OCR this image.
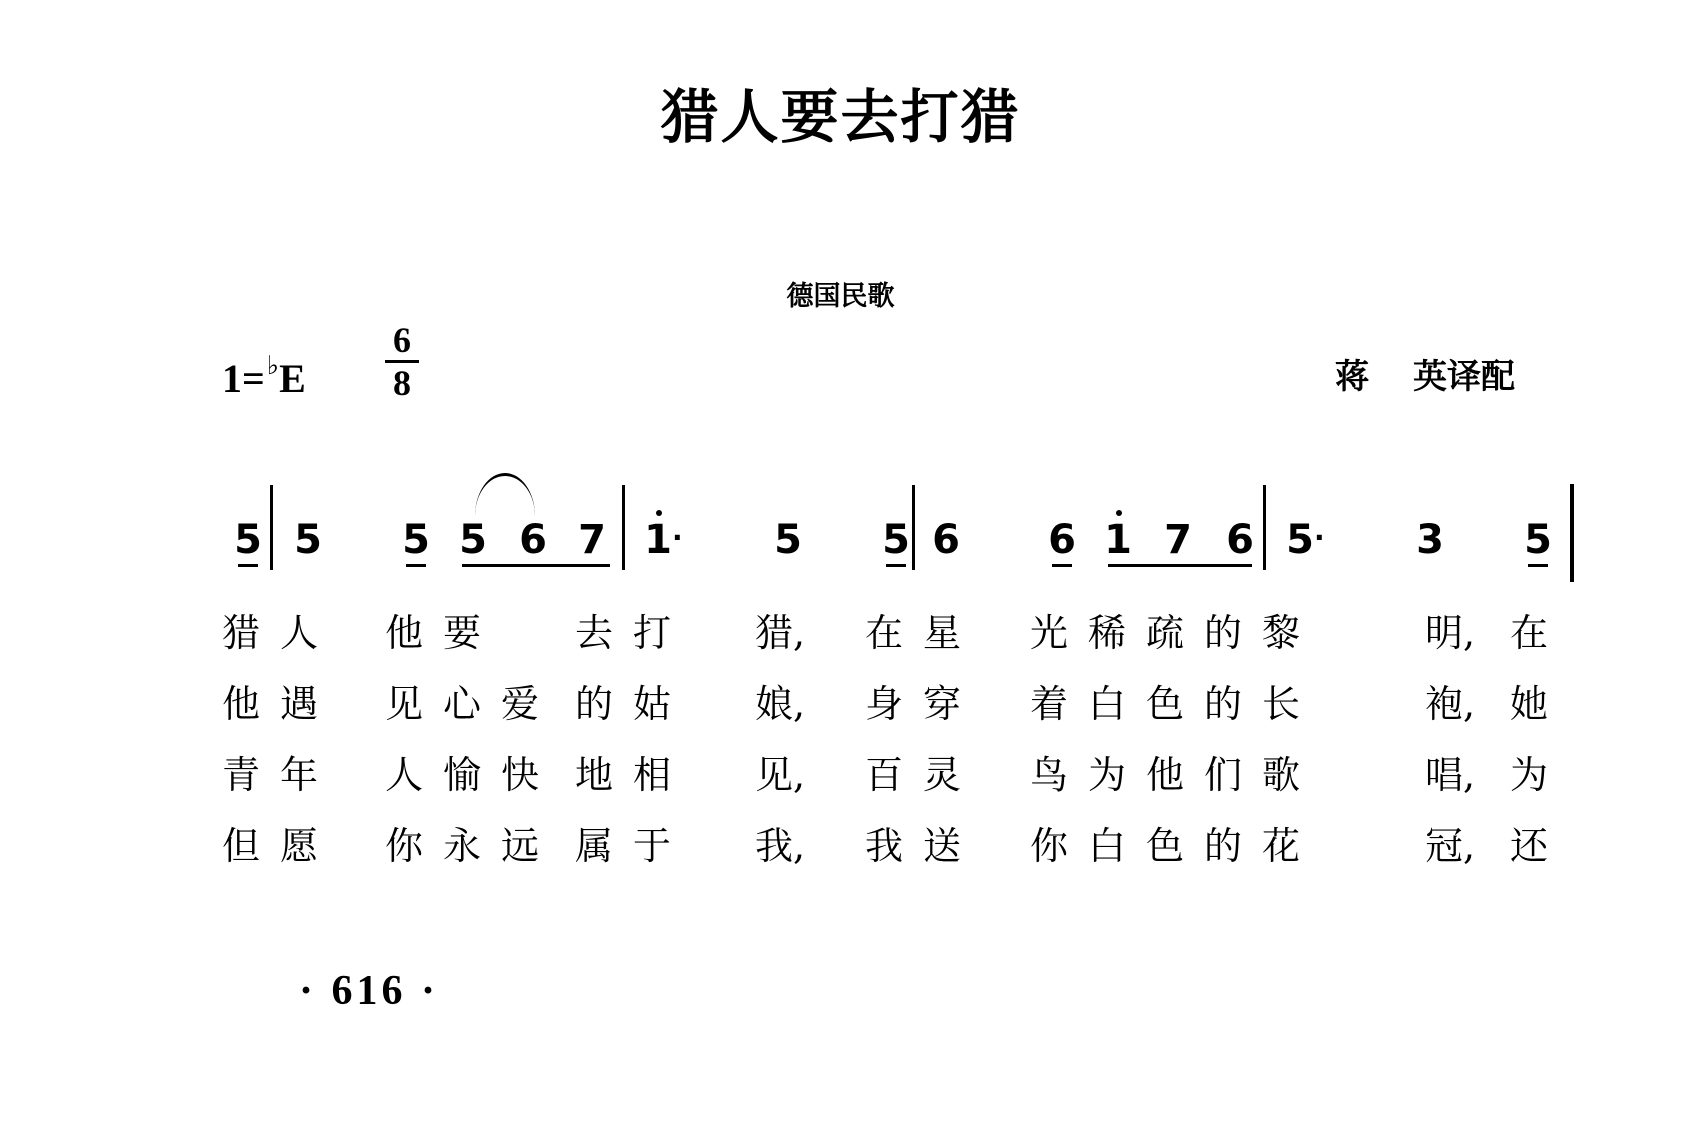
猎人要去打猎
德国民歌
$1=^♭E \frac{6}{8}$	蒋 英译配
5 5 5 5 6 7 1 · 5 5 6 6 1 7 6 5 · 3 5
猎 人 他 要 去 打 猎, 在 星 光 稀 疏 的 黎	明, 在
他 遇 见 心 爱 的 姑 娘, 身 穿 着 白 色 的 长	袍, 她
青 年 人 愉 快 地 相 见, 百 灵 鸟 为 他 们 歌	唱, 为
但 愿 你 永 远 属 于 我, 我 送 你 白 色 的 花	冠, 还
· 616 ·
